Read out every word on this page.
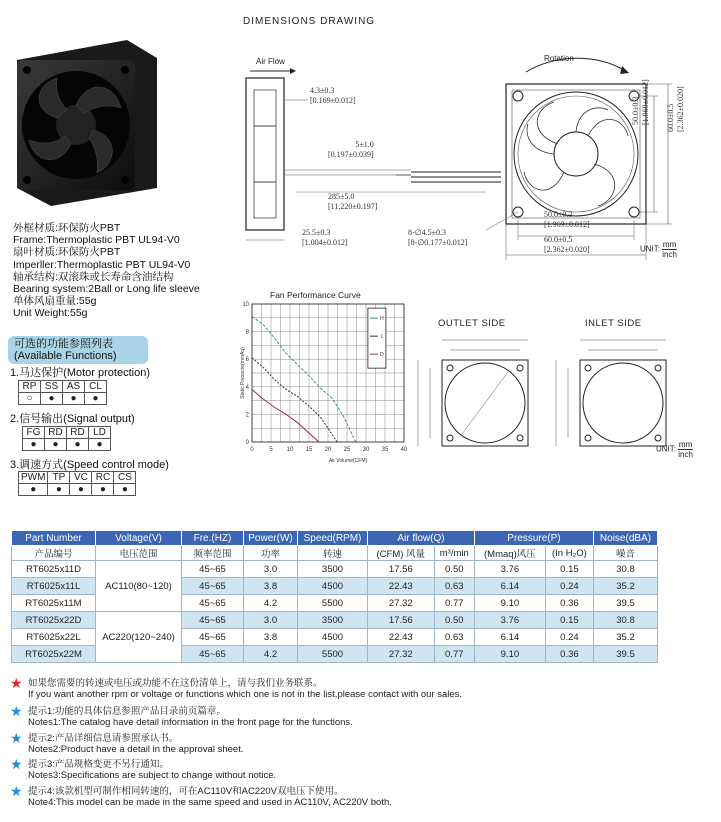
DIMENSIONS DRAWING
外框材质:环保防火PBT
Frame:Thermoplastic PBT UL94-V0
扇叶材质:环保防火PBT
Imperller:Thermoplastic PBT UL94-V0
轴承结构:双滚珠或长寿命含油结构
Bearing system:2Ball or Long life sleeve
单体风扇重量:55g
Unit Weight:55g
可选的功能参照列表
(Available Functions)
1.马达保护(Motor protection)
RP	SS	AS	CL
○	●	●	●
2.信号输出(Signal output)
FG	RD	RD	LD
●	●	●	●
3.调速方式(Speed control mode)
PWM	TP	VC	RC	CS
●	●	●	●	●
Air Flow	Rotation
4.3±0.3
[0.169±0.012]
5±1.0
[0.197±0.039]
285±5.0
[11.220±0.197]
25.5±0.3
[1.004±0.012]
8-∅4.5±0.3
[8-∅0.177±0.012]
50.0±0.3
[1.969±0.012]
60.0±0.5
[2.362±0.020]
50.0±0.3 [1.969±0.012] 60.0±0.5 [2.362±0.020]
UNIT:
mm
inch
Fan Performance Curve
0	5 10 15 20 25 30 35 40
0
2
4
6
8
10
Air Volume(CFM)
Static Pressure(mmAq)
H
L
D
OUTLET SIDE	INLET SIDE
UNIT:
mm
inch
Part Number	Voltage(V)	Fre.(HZ)	Power(W)	Speed(RPM)	Air flow(Q)		Pressure(P)		Noise(dBA)
产品编号	电压范围	频率范围	功率	转速	(CFM) 风量	m³/min	(Mmaq)风压	(In H₂O)	噪音
RT6025x11D	AC110(80~120)	45~65	3.0	3500	17.56	0.50	3.76	0.15	30.8
RT6025x11L		45~65	3.8	4500	22.43	0.63	6.14	0.24	35.2
RT6025x11M		45~65	4.2	5500	27.32	0.77	9.10	0.36	39.5
RT6025x22D	AC220(120~240)	45~65	3.0	3500	17.56	0.50	3.76	0.15	30.8
RT6025x22L		45~65	3.8	4500	22.43	0.63	6.14	0.24	35.2
RT6025x22M		45~65	4.2	5500	27.32	0.77	9.10	0.36	39.5
★ 如果您需要的转速或电压或功能不在这份清单上，请与我们业务联系。
If you want another rpm or voltage or functions which one is not in the list,please contact with our sales.
★ 提示1:功能的具体信息参照产品目录前页篇章。
Notes1:The catalog have detail information in the front page for the functions.
★ 提示2:产品详细信息请参照承认书。
Notes2:Product have a detail in the approval sheet.
★ 提示3:产品规格变更不另行通知。
Notes3:Specifications are subject to change without notice.
★ 提示4:该款机型可制作相同转速的，可在AC110V和AC220V双电压下使用。
Note4:This model can be made in the same speed and used in AC110V, AC220V both.
